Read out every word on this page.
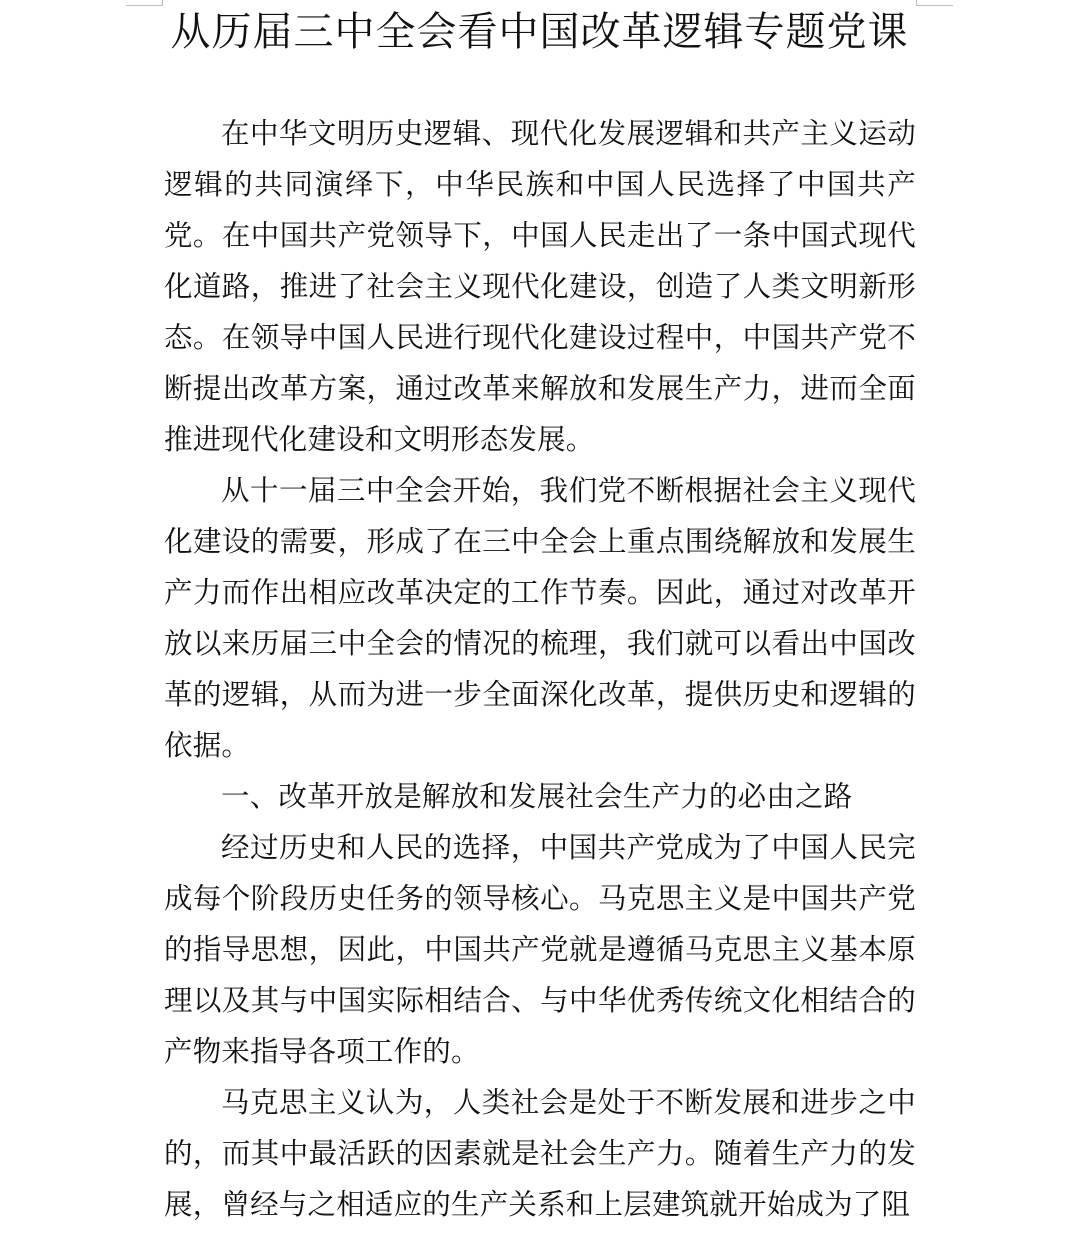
从历届三中全会看中国改革逻辑专题党课

在中华文明历史逻辑、现代化发展逻辑和共产主义运动逻辑的共同演绎下，中华民族和中国人民选择了中国共产党。在中国共产党领导下，中国人民走出了一条中国式现代化道路，推进了社会主义现代化建设，创造了人类文明新形态。在领导中国人民进行现代化建设过程中，中国共产党不断提出改革方案，通过改革来解放和发展生产力，进而全面推进现代化建设和文明形态发展。

从十一届三中全会开始，我们党不断根据社会主义现代化建设的需要，形成了在三中全会上重点围绕解放和发展生产力而作出相应改革决定的工作节奏。因此，通过对改革开放以来历届三中全会的情况的梳理，我们就可以看出中国改革的逻辑，从而为进一步全面深化改革，提供历史和逻辑的依据。

一、改革开放是解放和发展社会生产力的必由之路

经过历史和人民的选择，中国共产党成为了中国人民完成每个阶段历史任务的领导核心。马克思主义是中国共产党的指导思想，因此，中国共产党就是遵循马克思主义基本原理以及其与中国实际相结合、与中华优秀传统文化相结合的产物来指导各项工作的。

马克思主义认为，人类社会是处于不断发展和进步之中的，而其中最活跃的因素就是社会生产力。随着生产力的发展，曾经与之相适应的生产关系和上层建筑就开始成为了阻
